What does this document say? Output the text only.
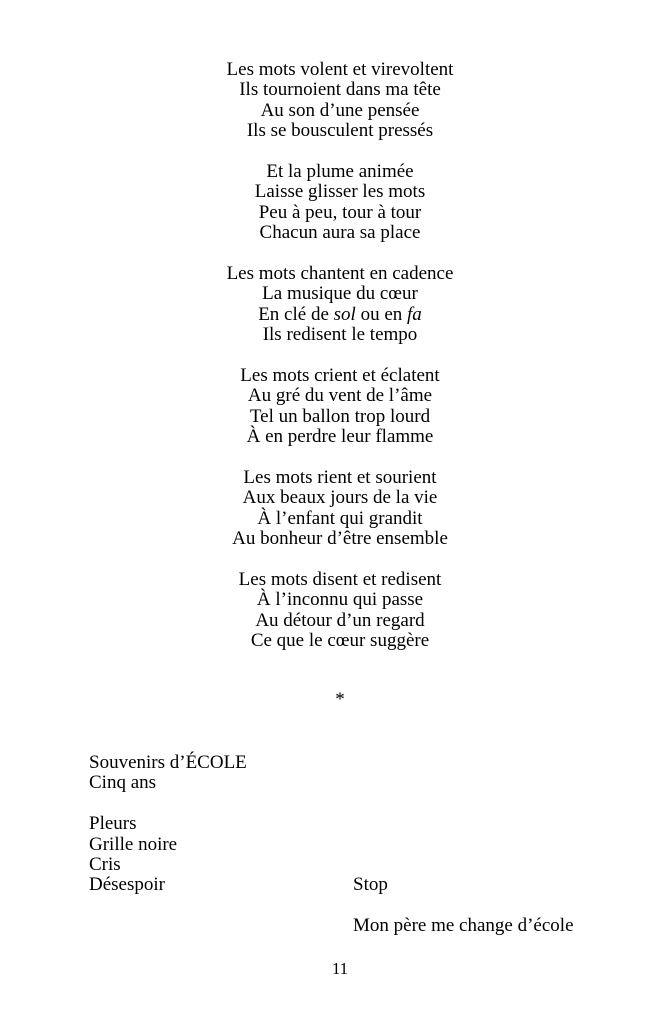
Les mots volent et virevoltent
Ils tournoient dans ma tête
Au son d’une pensée
Ils se bousculent pressés
Et la plume animée
Laisse glisser les mots
Peu à peu, tour à tour
Chacun aura sa place
Les mots chantent en cadence
La musique du cœur
En clé de sol ou en fa
Ils redisent le tempo
Les mots crient et éclatent
Au gré du vent de l’âme
Tel un ballon trop lourd
À en perdre leur flamme
Les mots rient et sourient
Aux beaux jours de la vie
À l’enfant qui grandit
Au bonheur d’être ensemble
Les mots disent et redisent
À l’inconnu qui passe
Au détour d’un regard
Ce que le cœur suggère
*
Souvenirs d’ÉCOLE
Cinq ans
Pleurs
Grille noire
Cris
Désespoir	Stop
Mon père me change d’école
11
